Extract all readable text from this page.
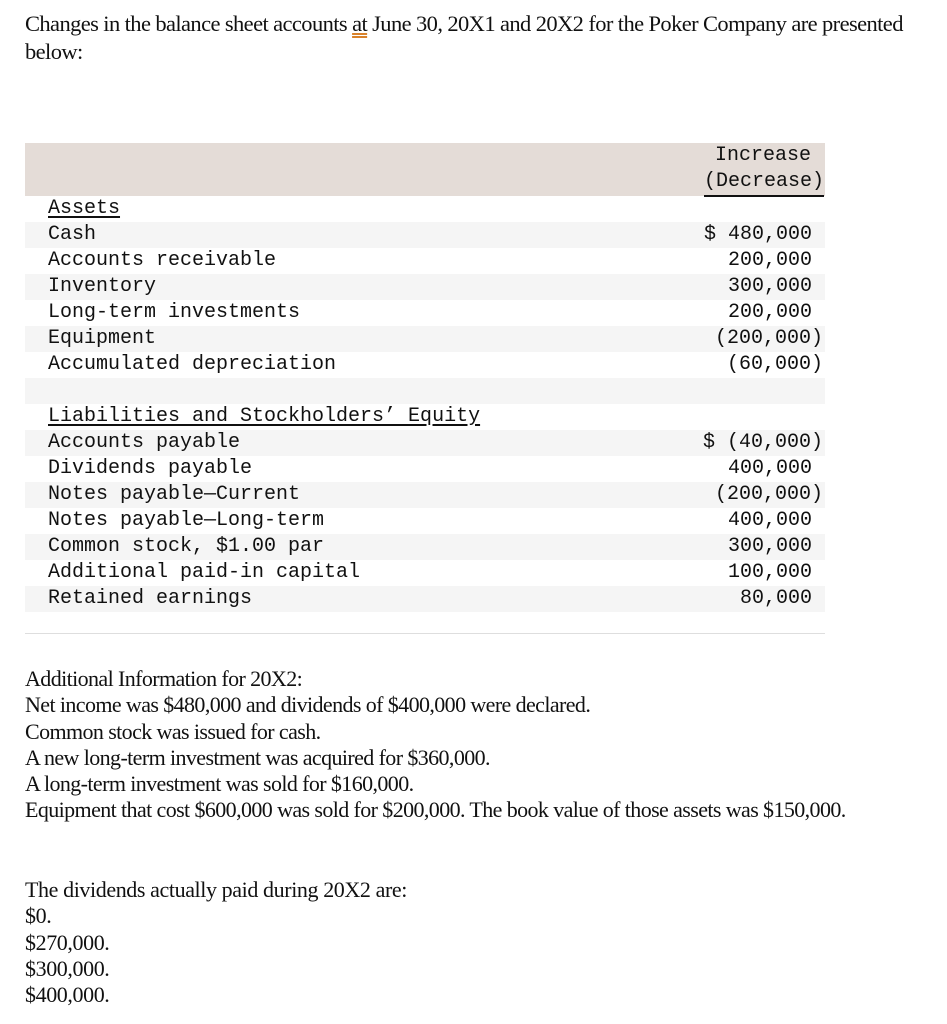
Changes in the balance sheet accounts at June 30, 20X1 and 20X2 for the Poker Company are presented below:
Increase
(Decrease)
Assets
Cash	$ 480,000
Accounts receivable	200,000
Inventory	300,000
Long-term investments	200,000
Equipment	(200,000)
Accumulated depreciation	(60,000)
Liabilities and Stockholders’ Equity
Accounts payable	$ (40,000)
Dividends payable	400,000
Notes payable—Current	(200,000)
Notes payable—Long-term	400,000
Common stock, $1.00 par	300,000
Additional paid-in capital	100,000
Retained earnings	80,000
Additional Information for 20X2:
Net income was $480,000 and dividends of $400,000 were declared.
Common stock was issued for cash.
A new long-term investment was acquired for $360,000.
A long-term investment was sold for $160,000.
Equipment that cost $600,000 was sold for $200,000. The book value of those assets was $150,000.
The dividends actually paid during 20X2 are:
$0.
$270,000.
$300,000.
$400,000.
